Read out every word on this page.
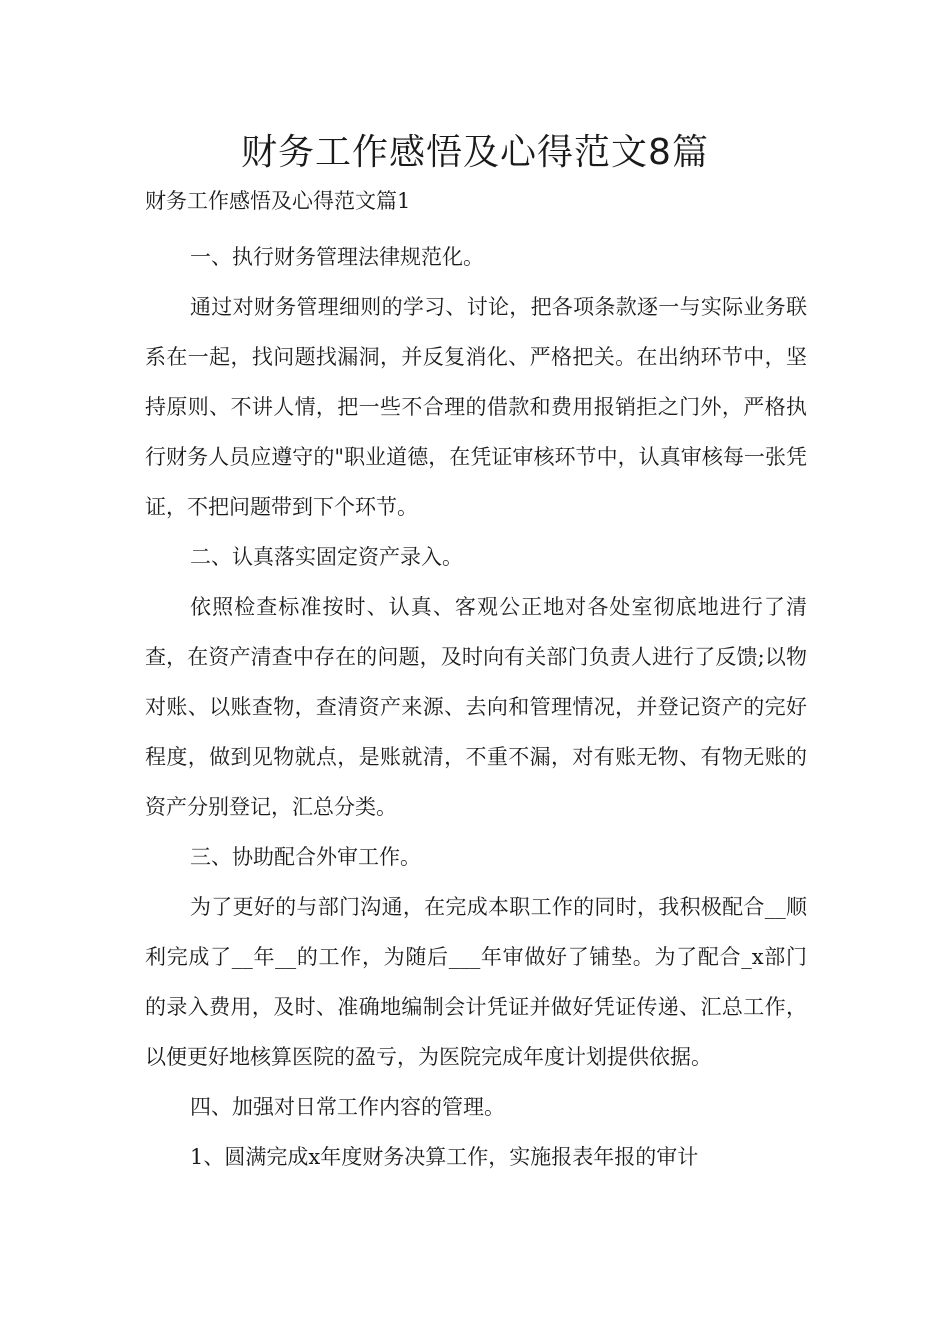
财务工作感悟及心得范文8篇

财务工作感悟及心得范文篇1

一、执行财务管理法律规范化。

通过对财务管理细则的学习、讨论，把各项条款逐一与实际业务联系在一起，找问题找漏洞，并反复消化、严格把关。在出纳环节中，坚持原则、不讲人情，把一些不合理的借款和费用报销拒之门外，严格执行财务人员应遵守的"职业道德，在凭证审核环节中，认真审核每一张凭证，不把问题带到下个环节。

二、认真落实固定资产录入。

依照检查标准按时、认真、客观公正地对各处室彻底地进行了清查，在资产清查中存在的问题，及时向有关部门负责人进行了反馈;以物对账、以账查物，查清资产来源、去向和管理情况，并登记资产的完好程度，做到见物就点，是账就清，不重不漏，对有账无物、有物无账的资产分别登记，汇总分类。

三、协助配合外审工作。

为了更好的与部门沟通，在完成本职工作的同时，我积极配合__顺利完成了__年__的工作，为随后___年审做好了铺垫。为了配合_x部门的录入费用，及时、准确地编制会计凭证并做好凭证传递、汇总工作，以便更好地核算医院的盈亏，为医院完成年度计划提供依据。

四、加强对日常工作内容的管理。

1、圆满完成x年度财务决算工作，实施报表年报的审计
